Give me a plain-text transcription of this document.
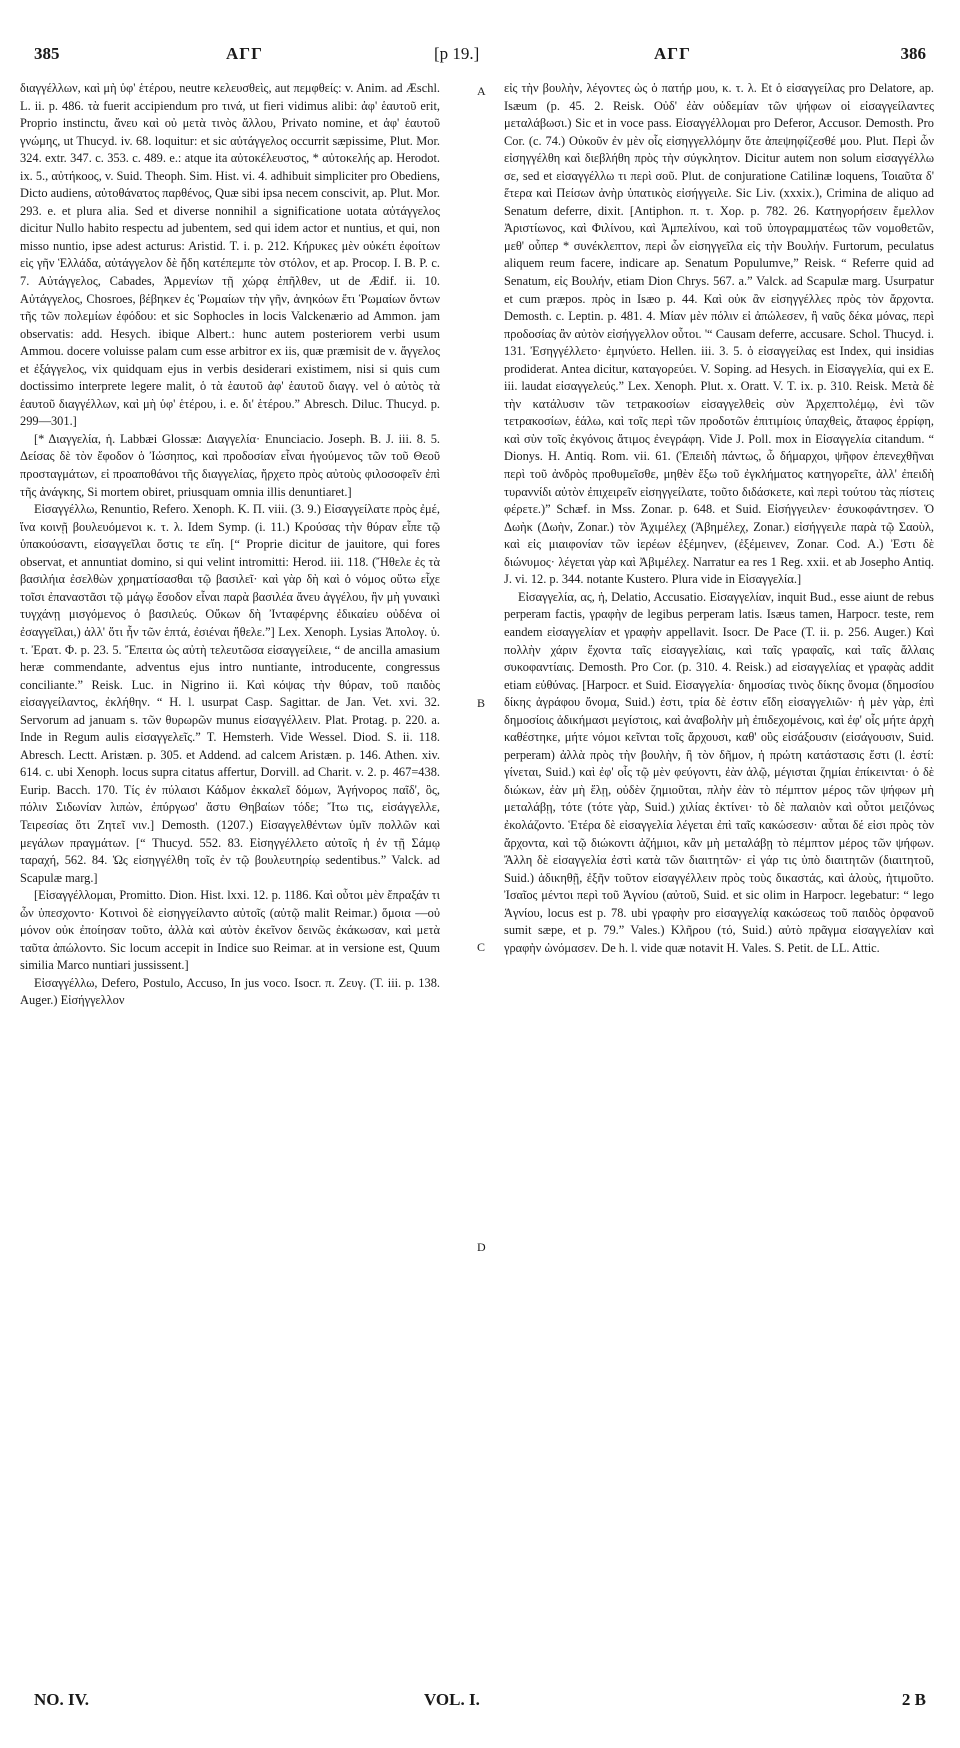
385	ΑΓΓ	[p 19.]	ΑΓΓ	386

διαγγέλλων, καὶ μὴ ὑφ' ἑτέρου, neutre κελευσθεὶς, aut πεμφθείς: v. Anim. ad Æschl. L. ii. p. 486. τὰ fuerit accipiendum pro τινά, ut fieri vidimus alibi: ἀφ' ἑαυτοῦ erit, Proprio instinctu, ἄνευ καὶ οὐ μετὰ τινὸς ἄλλου, Privato nomine, et ἀφ' ἑαυτοῦ γνώμης, ut Thucyd. iv. 68. loquitur: et sic αὐτάγγελος occurrit sæpissime, Plut. Mor. 324. extr. 347. c. 353. c. 489. e.: atque ita αὐτοκέλευστος, * αὐτοκελής ap. Herodot. ix. 5., αὐτήκοος, v. Suid. Theoph. Sim. Hist. vi. 4. adhibuit simpliciter pro Obediens, Dicto audiens, αὐτοθάνατος παρθένος, Quæ sibi ipsa necem conscivit, ap. Plut. Mor. 293. e. et plura alia. Sed et diverse nonnihil a significatione uotata αὐτάγγελος dicitur Nullo habito respectu ad jubentem, sed qui idem actor et nuntius, et qui, non misso nuntio, ipse adest acturus: Aristid. T. i. p. 212. Κήρυκες μὲν οὐκέτι ἐφοίτων εἰς γῆν Ἑλλάδα, αὐτάγγελον δὲ ἤδη κατέπεμπε τὸν στόλον, et ap. Procop. I. B. P. c. 7. Αὐτάγγελος, Cabades, Ἀρμενίων τῇ χώρᾳ ἐπῆλθεν, ut de Ædif. ii. 10. Αὐτάγγελος, Chosroes, βέβηκεν ἐς Ῥωμαίων τὴν γῆν, ἀνηκόων ἔτι Ῥωμαίων ὄντων τῆς τῶν πολεμίων ἐφόδου: et sic Sophocles in locis Valckenærio ad Ammon. jam observatis: add. Hesych. ibique Albert.: hunc autem posteriorem verbi usum Ammou. docere voluisse palam cum esse arbitror ex iis, quæ præmisit de v. ἄγγελος et ἐξάγγελος, vix quidquam ejus in verbis desiderari existimem, nisi si quis cum doctissimo interprete legere malit, ὁ τὰ ἑαυτοῦ ἀφ' ἑαυτοῦ διαγγ. vel ὁ αὐτὸς τὰ ἑαυτοῦ διαγγέλλων, καὶ μὴ ὑφ' ἑτέρου, i. e. δι' ἑτέρου.” Abresch. Diluc. Thucyd. p. 299—301.]

[* Διαγγελία, ἡ. Labbæi Glossæ: Διαγγελία· Enunciacio. Joseph. B. J. iii. 8. 5. Δείσας δὲ τὸν ἔφοδον ὁ Ἰώσηπος, καὶ προδοσίαν εἶναι ἡγούμενος τῶν τοῦ Θεοῦ προσταγμάτων, εἰ προαποθάνοι τῆς διαγγελίας, ἤρχετο πρὸς αὐτοὺς φιλοσοφεῖν ἐπὶ τῆς ἀνάγκης, Si mortem obiret, priusquam omnia illis denuntiaret.]

Εἰσαγγέλλω, Renuntio, Refero. Xenoph. K. Π. viii. (3. 9.) Εἰσαγγείλατε πρὸς ἐμέ, ἵνα κοινῇ βουλευόμενοι κ. τ. λ. Idem Symp. (i. 11.) Κρούσας τὴν θύραν εἶπε τῷ ὑπακούσαντι, εἰσαγγεῖλαι ὅστις τε εἴη. [“ Proprie dicitur de jauitore, qui fores observat, et annuntiat domino, si qui velint intromitti: Herod. iii. 118. (Ἤθελε ἐς τὰ βασιλήια ἐσελθὼν χρηματίσασθαι τῷ βασιλεῖ· καὶ γὰρ δὴ καὶ ὁ νόμος οὕτω εἶχε τοῖσι ἐπαναστᾶσι τῷ μάγῳ ἔσοδον εἶναι παρὰ βασιλέα ἄνευ ἀγγέλου, ἢν μὴ γυναικὶ τυγχάνῃ μισγόμενος ὁ βασιλεύς. Οὔκων δὴ Ἰνταφέρνης ἐδικαίευ οὐδένα οἱ ἐσαγγεῖλαι,) ἀλλ' ὅτι ἦν τῶν ἑπτά, ἐσιέναι ἤθελε.”] Lex. Xenoph. Lysias Ἀπολογ. ὑ. τ. Ἐρατ. Φ. p. 23. 5. Ἔπειτα ὡς αὐτὴ τελευτῶσα εἰσαγγείλειε, “ de ancilla amasium heræ commendante, adventus ejus intro nuntiante, introducente, congressus conciliante.” Reisk. Luc. in Nigrino ii. Καὶ κόψας τὴν θύραν, τοῦ παιδὸς εἰσαγγείλαντος, ἐκλήθην. “ H. l. usurpat Casp. Sagittar. de Jan. Vet. xvi. 32. Servorum ad januam s. τῶν θυρωρῶν munus εἰσαγγέλλειν. Plat. Protag. p. 220. a. Inde in Regum aulis εἰσαγγελεῖς.” T. Hemsterh. Vide Wessel. Diod. S. ii. 118. Abresch. Lectt. Aristæn. p. 305. et Addend. ad calcem Aristæn. p. 146. Athen. xiv. 614. c. ubi Xenoph. locus supra citatus affertur, Dorvill. ad Charit. v. 2. p. 467=438. Eurip. Bacch. 170. Τίς ἐν πύλαισι Κάδμον ἐκκαλεῖ δόμων, Ἀγήνορος παῖδ', ὃς, πόλιν Σιδωνίαν λιπὼν, ἐπύργωσ' ἄστυ Θηβαίων τόδε; Ἴτω τις, εἰσάγγελλε, Τειρεσίας ὅτι Ζητεῖ νιν.] Demosth. (1207.) Εἰσαγγελθέντων ὑμῖν πολλῶν καὶ μεγάλων πραγμάτων. [“ Thucyd. 552. 83. Εἰσηγγέλλετο αὐτοῖς ἡ ἐν τῇ Σάμῳ ταραχή, 562. 84. Ὡς εἰσηγγέλθη τοῖς ἐν τῷ βουλευτηρίῳ sedentibus.” Valck. ad Scapulæ marg.]

[Εἰσαγγέλλομαι, Promitto. Dion. Hist. lxxi. 12. p. 1186. Καὶ οὗτοι μὲν ἔπραξάν τι ὧν ὑπεσχοντο· Κοτινοὶ δὲ εἰσηγγείλαντο αὐτοῖς (αὐτῷ malit Reimar.) ὅμοια —οὐ μόνον οὐκ ἐποίησαν τοῦτο, ἀλλὰ καὶ αὐτὸν ἐκεῖνον δεινῶς ἐκάκωσαν, καὶ μετὰ ταῦτα ἀπώλοντο. Sic locum accepit in Indice suo Reimar. at in versione est, Quum similia Marco nuntiari jussissent.]

Εἰσαγγέλλω, Defero, Postulo, Accuso, In jus voco. Isocr. π. Ζευγ. (T. iii. p. 138. Auger.) Εἰσήγγελλον

A
B
C
D

εἰς τὴν βουλὴν, λέγοντες ὡς ὁ πατήρ μου, κ. τ. λ. Et ὁ εἰσαγγείλας pro Delatore, ap. Isæum (p. 45. 2. Reisk. Οὐδ' ἐὰν οὐδεμίαν τῶν ψήφων οἱ εἰσαγγείλαντες μεταλάβωσι.) Sic et in voce pass. Εἰσαγγέλλομαι pro Deferor, Accusor. Demosth. Pro Cor. (c. 74.) Οὐκοῦν ἐν μὲν οἷς εἰσηγγελλόμην ὅτε ἀπεψηφίζεσθέ μου. Plut. Περὶ ὧν εἰσηγγέλθη καὶ διεβλήθη πρὸς τὴν σύγκλητον. Dicitur autem non solum εἰσαγγέλλω σε, sed et εἰσαγγέλλω τι περὶ σοῦ. Plut. de conjuratione Catilinæ loquens, Τοιαῦτα δ' ἕτερα καὶ Πείσων ἀνὴρ ὑπατικὸς εἰσήγγειλε. Sic Liv. (xxxix.), Crimina de aliquo ad Senatum deferre, dixit. [Antiphon. π. τ. Χορ. p. 782. 26. Κατηγορήσειν ἔμελλον Ἀριστίωνος, καὶ Φιλίνου, καὶ Ἀμπελίνου, καὶ τοῦ ὑπογραμματέως τῶν νομοθετῶν, μεθ' οὗπερ * συνέκλεπτον, περὶ ὧν εἰσηγγεῖλα εἰς τὴν Βουλήν. Furtorum, peculatus aliquem reum facere, indicare ap. Senatum Populumve,” Reisk. “ Referre quid ad Senatum, εἰς Βουλήν, etiam Dion Chrys. 567. a.” Valck. ad Scapulæ marg. Usurpatur et cum præpos. πρὸς in Isæo p. 44. Καὶ οὐκ ἂν εἰσηγγέλλες πρὸς τὸν ἄρχοντα. Demosth. c. Leptin. p. 481. 4. Μίαν μὲν πόλιν εἰ ἀπώλεσεν, ἢ ναῦς δέκα μόνας, περὶ προδοσίας ἂν αὐτὸν εἰσήγγελλον οὗτοι. '“ Causam deferre, accusare. Schol. Thucyd. i. 131. Ἐσηγγέλλετο· ἐμηνύετο. Hellen. iii. 3. 5. ὁ εἰσαγγείλας est Index, qui insidias prodiderat. Antea dicitur, καταγορεύει. V. Soping. ad Hesych. in Εἰσαγγελία, qui ex E. iii. laudat εἰσαγγελεύς.” Lex. Xenoph. Plut. x. Oratt. V. T. ix. p. 310. Reisk. Μετὰ δὲ τὴν κατάλυσιν τῶν τετρακοσίων εἰσαγγελθεὶς σὺν Ἀρχεπτολέμῳ, ἑνὶ τῶν τετρακοσίων, ἑάλω, καὶ τοῖς περὶ τῶν προδοτῶν ἐπιτιμίοις ὑπαχθεὶς, ἄταφος ἐρρίφη, καὶ σὺν τοῖς ἐκγόνοις ἄτιμος ἐνεγράφη. Vide J. Poll. mox in Εἰσαγγελία citandum. “ Dionys. H. Antiq. Rom. vii. 61. (Ἐπειδὴ πάντως, ὦ δήμαρχοι, ψῆφον ἐπενεχθῆναι περὶ τοῦ ἀνδρὸς προθυμεῖσθε, μηθὲν ἔξω τοῦ ἐγκλήματος κατηγορεῖτε, ἀλλ' ἐπειδὴ τυραννίδι αὐτὸν ἐπιχειρεῖν εἰσηγγείλατε, τοῦτο διδάσκετε, καὶ περὶ τούτου τὰς πίστεις φέρετε.)” Schæf. in Mss. Zonar. p. 648. et Suid. Εἰσήγγειλεν· ἐσυκοφάντησεν. Ὁ Δωὴκ (Δωὴν, Zonar.) τὸν Ἀχιμέλεχ (Ἀβημέλεχ, Zonar.) εἰσήγγειλε παρὰ τῷ Σαοὺλ, καὶ εἰς μιαιφονίαν τῶν ἱερέων ἐξέμηνεν, (ἐξέμεινεν, Zonar. Cod. A.) Ἐστι δὲ διώνυμος· λέγεται γὰρ καὶ Ἀβιμέλεχ. Narratur ea res 1 Reg. xxii. et ab Josepho Antiq. J. vi. 12. p. 344. notante Kustero. Plura vide in Εἰσαγγελία.]

Εἰσαγγελία, ας, ἡ, Delatio, Accusatio. Εἰσαγγελίαν, inquit Bud., esse aiunt de rebus perperam factis, γραφὴν de legibus perperam latis. Isæus tamen, Harpocr. teste, rem eandem εἰσαγγελίαν et γραφὴν appellavit. Isocr. De Pace (T. ii. p. 256. Auger.) Καὶ πολλὴν χάριν ἔχοντα ταῖς εἰσαγγελίαις, καὶ ταῖς γραφαῖς, καὶ ταῖς ἄλλαις συκοφαντίαις. Demosth. Pro Cor. (p. 310. 4. Reisk.) ad εἰσαγγελίας et γραφὰς addit etiam εὐθύνας. [Harpocr. et Suid. Εἰσαγγελία· δημοσίας τινὸς δίκης ὄνομα (δημοσίου δίκης ἀγράφου ὄνομα, Suid.) ἐστι, τρία δὲ ἐστιν εἴδη εἰσαγγελιῶν· ἡ μὲν γὰρ, ἐπὶ δημοσίοις ἀδικήμασι μεγίστοις, καὶ ἀναβολὴν μὴ ἐπιδεχομένοις, καὶ ἐφ' οἷς μήτε ἀρχὴ καθέστηκε, μήτε νόμοι κεῖνται τοῖς ἄρχουσι, καθ' οὓς εἰσάξουσιν (εἰσάγουσιν, Suid. perperam) ἀλλὰ πρὸς τὴν βουλὴν, ἢ τὸν δῆμον, ἡ πρώτη κατάστασις ἔστι (l. ἐστί: γίνεται, Suid.) καὶ ἐφ' οἷς τῷ μὲν φεύγοντι, ἐὰν ἁλῷ, μέγισται ζημίαι ἐπίκεινται· ὁ δὲ διώκων, ἐὰν μὴ ἕλῃ, οὐδὲν ζημιοῦται, πλὴν ἐὰν τὸ πέμπτον μέρος τῶν ψήφων μὴ μεταλάβῃ, τότε (τότε γὰρ, Suid.) χιλίας ἐκτίνει· τὸ δὲ παλαιὸν καὶ οὗτοι μειζόνως ἐκολάζοντο. Ἑτέρα δὲ εἰσαγγελία λέγεται ἐπὶ ταῖς κακώσεσιν· αὗται δέ εἰσι πρὸς τὸν ἄρχοντα, καὶ τῷ διώκοντι ἀζήμιοι, κἂν μὴ μεταλάβῃ τὸ πέμπτον μέρος τῶν ψήφων. Ἄλλη δὲ εἰσαγγελία ἐστὶ κατὰ τῶν διαιτητῶν· εἰ γάρ τις ὑπὸ διαιτητῶν (διαιτητοῦ, Suid.) ἀδικηθῇ, ἐξῆν τοῦτον εἰσαγγέλλειν πρὸς τοὺς δικαστάς, καὶ ἁλοὺς, ἠτιμοῦτο. Ἰσαῖος μέντοι περὶ τοῦ Ἁγνίου (αὐτοῦ, Suid. et sic olim in Harpocr. legebatur: “ lego Ἁγνίου, locus est p. 78. ubi γραφὴν pro εἰσαγγελίᾳ κακώσεως τοῦ παιδὸς ὀρφανοῦ sumit sæpe, et p. 79.” Vales.) Κλῆρου (τό, Suid.) αὐτὸ πρᾶγμα εἰσαγγελίαν καὶ γραφὴν ὠνόμασεν. De h. l. vide quæ notavit H. Vales. S. Petit. de LL. Attic.

NO. IV.	VOL. I.	2 B
